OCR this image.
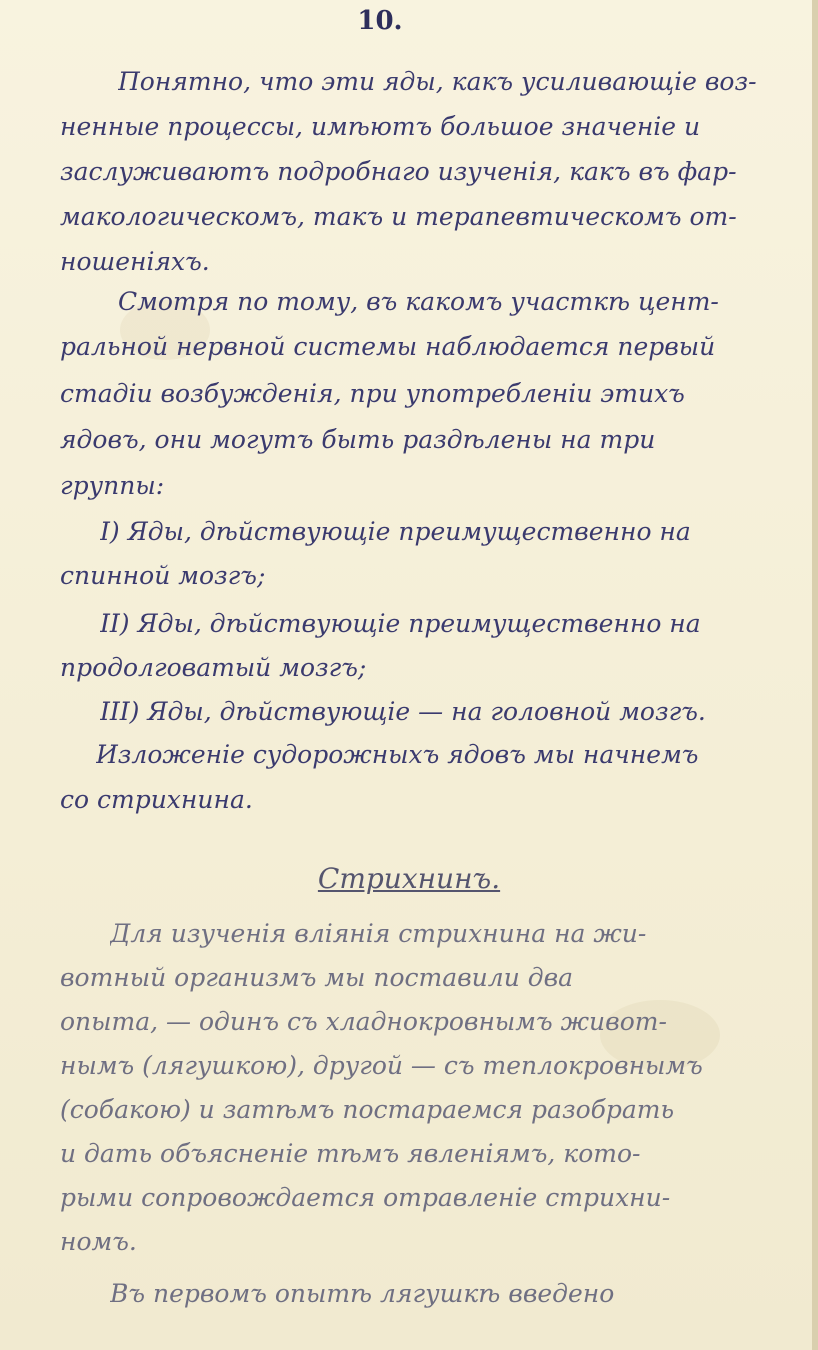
10.
Понятно, что эти яды, какъ усиливающіе воз-
ненные процессы, имѣютъ большое значеніе и
заслуживаютъ подробнаго изученія, какъ въ фар-
макологическомъ, такъ и терапевтическомъ от-
ношеніяхъ.
Смотря по тому, въ какомъ участкѣ цент-
ральной нервной системы наблюдается первый
стадіи возбужденія, при употребленіи этихъ
ядовъ, они могутъ быть раздѣлены на три
группы:
I) Яды, дѣйствующіе преимущественно на
спинной мозгъ;
II) Яды, дѣйствующіе преимущественно на
продолговатый мозгъ;
III) Яды, дѣйствующіе — на головной мозгъ.
Изложеніе судорожныхъ ядовъ мы начнемъ
со стрихнина.
Стрихнинъ.
Для изученія вліянія стрихнина на жи-
вотный организмъ мы поставили два
опыта, — одинъ съ хладнокровнымъ живот-
нымъ (лягушкою), другой — съ теплокровнымъ
(собакою) и затѣмъ постараемся разобрать
и дать объясненіе тѣмъ явленіямъ, кото-
рыми сопровождается отравленіе стрихни-
номъ.
Въ первомъ опытѣ лягушкѣ введено
